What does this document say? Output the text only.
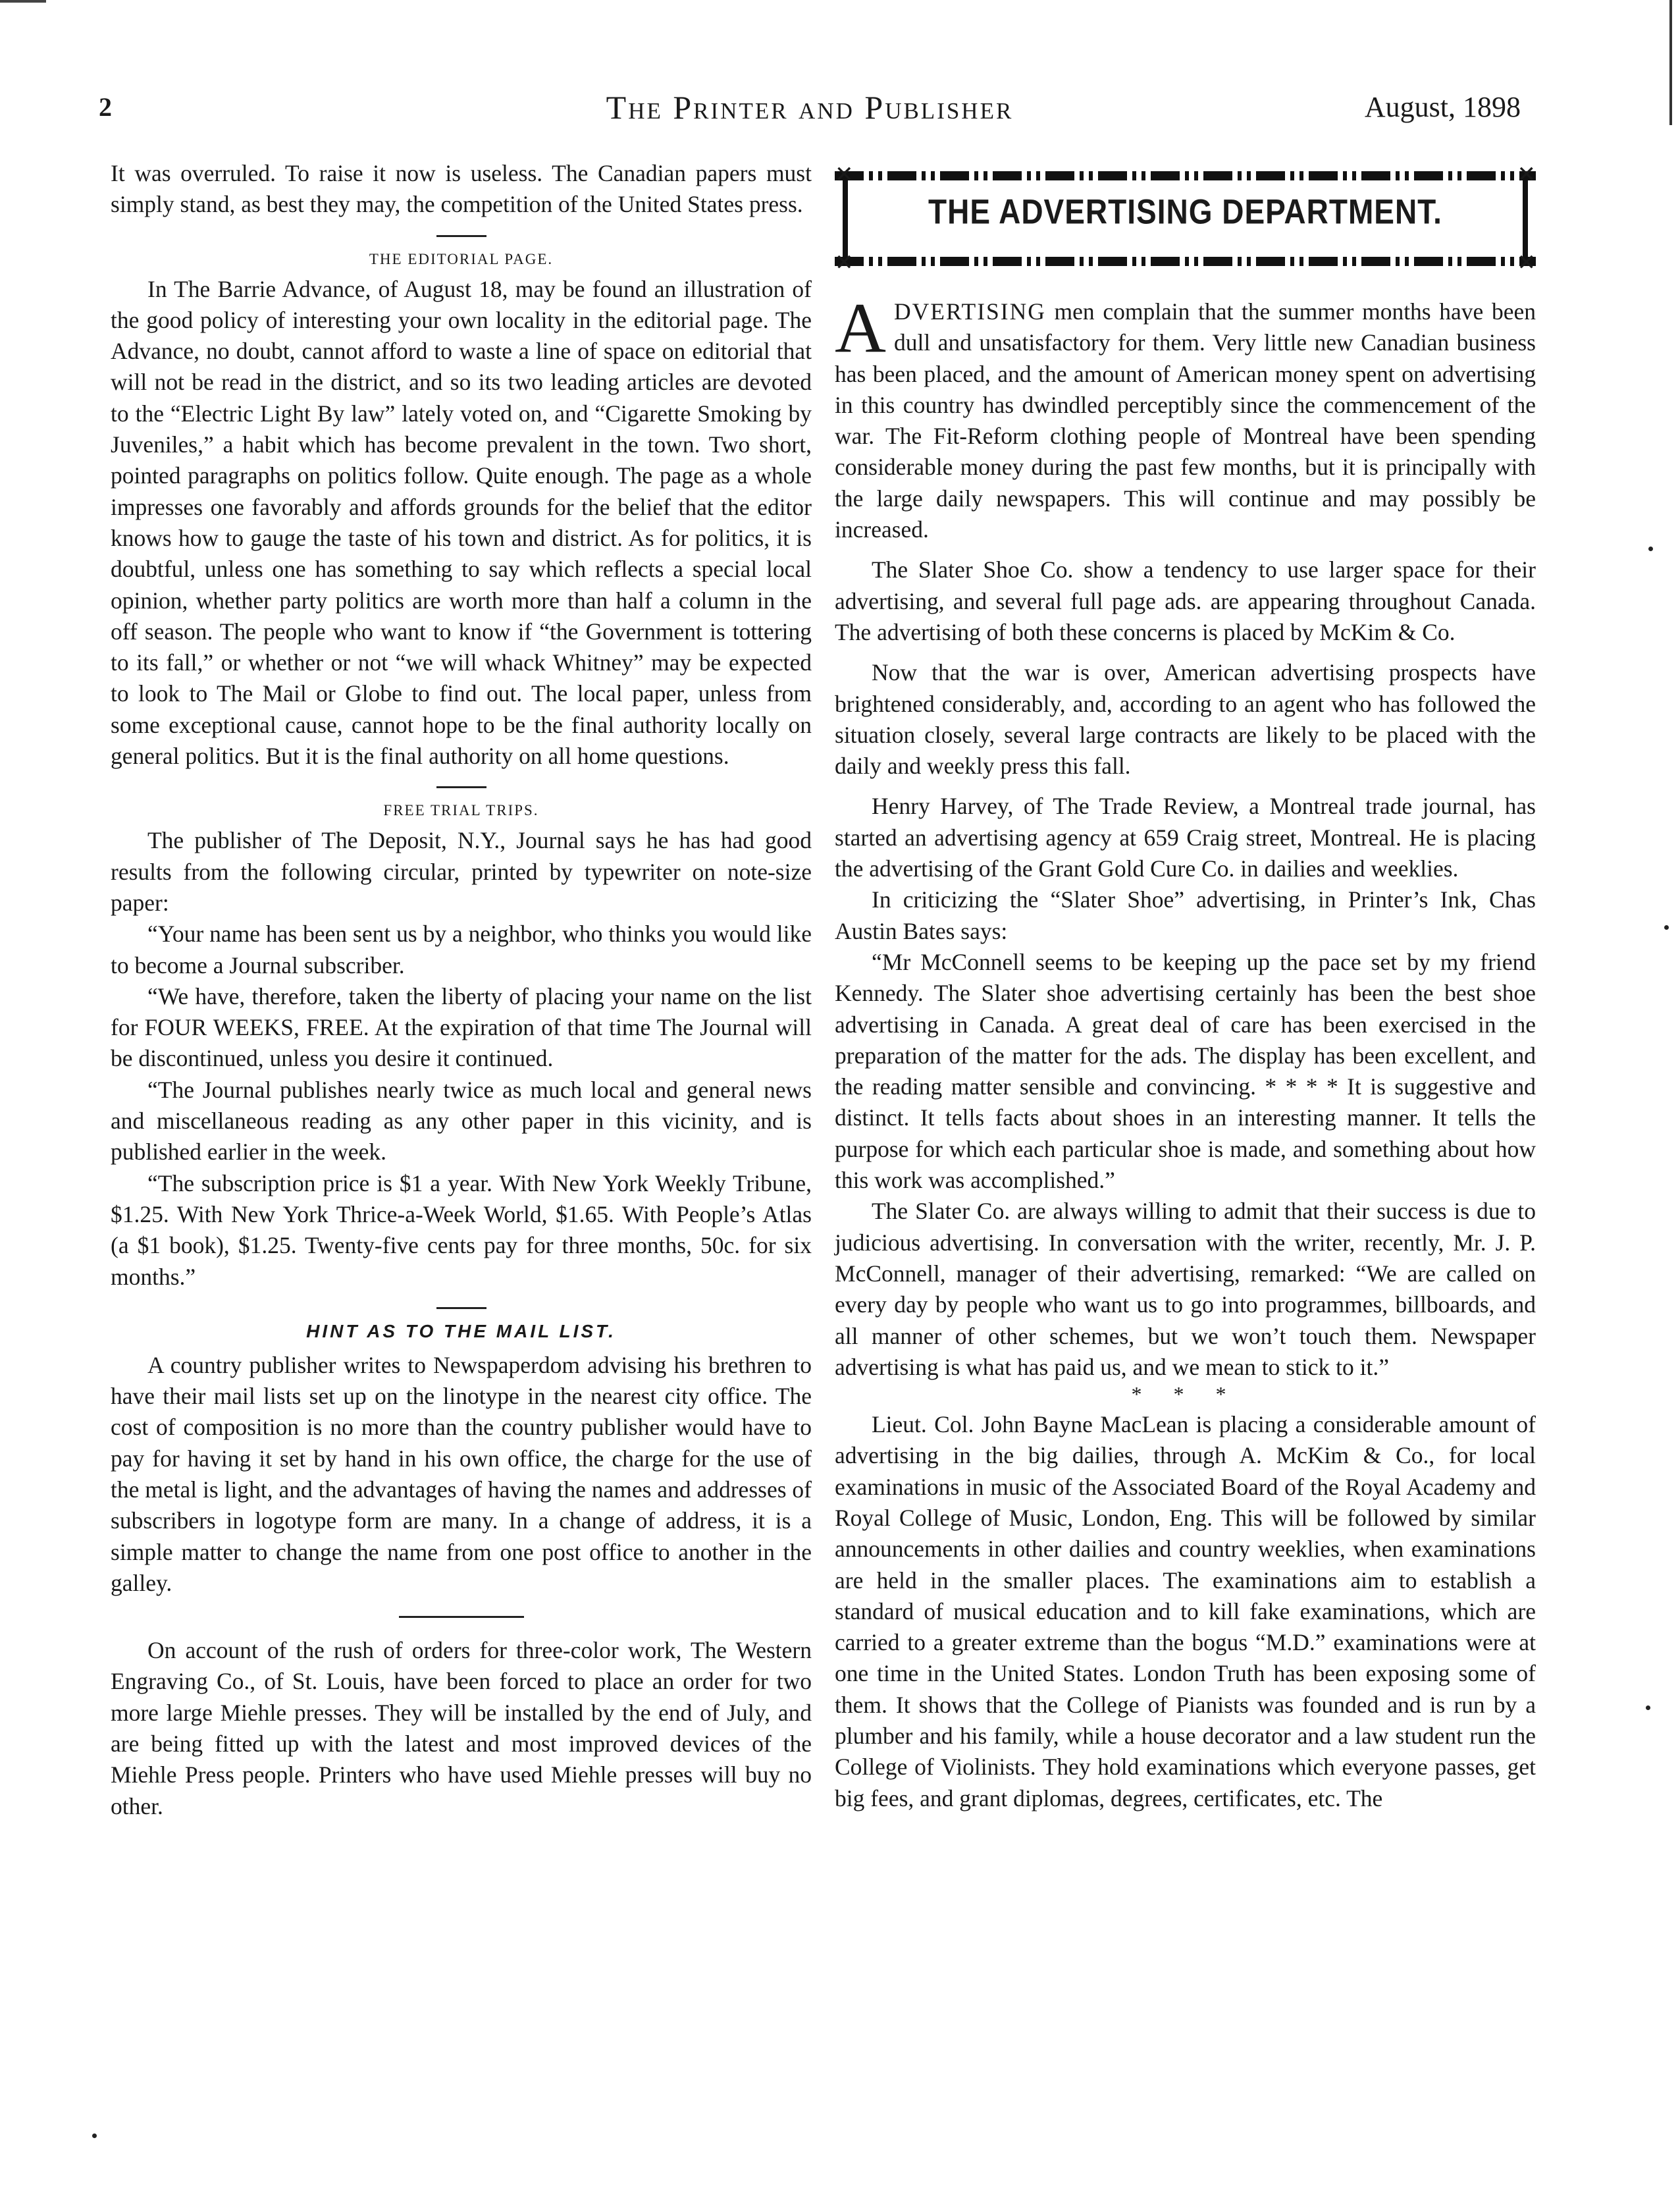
2	The Printer and Publisher	August, 1898

It was overruled. To raise it now is useless. The Canadian papers must simply stand, as best they may, the competition of the United States press.

THE EDITORIAL PAGE.

In The Barrie Advance, of August 18, may be found an illustration of the good policy of interesting your own locality in the editorial page. The Advance, no doubt, cannot afford to waste a line of space on editorial that will not be read in the district, and so its two leading articles are devoted to the “Electric Light By law” lately voted on, and “Cigarette Smoking by Juveniles,” a habit which has become prevalent in the town. Two short, pointed paragraphs on politics follow. Quite enough. The page as a whole impresses one favorably and affords grounds for the belief that the editor knows how to gauge the taste of his town and district. As for politics, it is doubtful, unless one has something to say which reflects a special local opinion, whether party politics are worth more than half a column in the off season. The people who want to know if “the Government is tottering to its fall,” or whether or not “we will whack Whitney” may be expected to look to The Mail or Globe to find out. The local paper, unless from some exceptional cause, cannot hope to be the final authority locally on general politics. But it is the final authority on all home questions.

FREE TRIAL TRIPS.

The publisher of The Deposit, N.Y., Journal says he has had good results from the following circular, printed by typewriter on note-size paper:

“Your name has been sent us by a neighbor, who thinks you would like to become a Journal subscriber.

“We have, therefore, taken the liberty of placing your name on the list for FOUR WEEKS, FREE. At the expiration of that time The Journal will be discontinued, unless you desire it continued.

“The Journal publishes nearly twice as much local and general news and miscellaneous reading as any other paper in this vicinity, and is published earlier in the week.

“The subscription price is $1 a year. With New York Weekly Tribune, $1.25. With New York Thrice-a-Week World, $1.65. With People’s Atlas (a $1 book), $1.25. Twenty-five cents pay for three months, 50c. for six months.”

HINT AS TO THE MAIL LIST.

A country publisher writes to Newspaperdom advising his brethren to have their mail lists set up on the linotype in the nearest city office. The cost of composition is no more than the country publisher would have to pay for having it set by hand in his own office, the charge for the use of the metal is light, and the advantages of having the names and addresses of subscribers in logotype form are many. In a change of address, it is a simple matter to change the name from one post office to another in the galley.

On account of the rush of orders for three-color work, The Western Engraving Co., of St. Louis, have been forced to place an order for two more large Miehle presses. They will be installed by the end of July, and are being fitted up with the latest and most improved devices of the Miehle Press people. Printers who have used Miehle presses will buy no other.

✕	✕
✕	✕
THE ADVERTISING DEPARTMENT.

ADVERTISING men complain that the summer months have been dull and unsatisfactory for them. Very little new Canadian business has been placed, and the amount of American money spent on advertising in this country has dwindled perceptibly since the commencement of the war. The Fit-Reform clothing people of Montreal have been spending considerable money during the past few months, but it is principally with the large daily newspapers. This will continue and may possibly be increased.

The Slater Shoe Co. show a tendency to use larger space for their advertising, and several full page ads. are appearing throughout Canada. The advertising of both these concerns is placed by McKim & Co.

Now that the war is over, American advertising prospects have brightened considerably, and, according to an agent who has followed the situation closely, several large contracts are likely to be placed with the daily and weekly press this fall.

Henry Harvey, of The Trade Review, a Montreal trade journal, has started an advertising agency at 659 Craig street, Montreal. He is placing the advertising of the Grant Gold Cure Co. in dailies and weeklies.

In criticizing the “Slater Shoe” advertising, in Printer’s Ink, Chas Austin Bates says:

“Mr McConnell seems to be keeping up the pace set by my friend Kennedy. The Slater shoe advertising certainly has been the best shoe advertising in Canada. A great deal of care has been exercised in the preparation of the matter for the ads. The display has been excellent, and the reading matter sensible and convincing. * * * * It is suggestive and distinct. It tells facts about shoes in an interesting manner. It tells the purpose for which each particular shoe is made, and something about how this work was accomplished.”

The Slater Co. are always willing to admit that their success is due to judicious advertising. In conversation with the writer, recently, Mr. J. P. McConnell, manager of their advertising, remarked: “We are called on every day by people who want us to go into programmes, billboards, and all manner of other schemes, but we won’t touch them. Newspaper advertising is what has paid us, and we mean to stick to it.”

* * *

Lieut. Col. John Bayne MacLean is placing a considerable amount of advertising in the big dailies, through A. McKim & Co., for local examinations in music of the Associated Board of the Royal Academy and Royal College of Music, London, Eng. This will be followed by similar announcements in other dailies and country weeklies, when examinations are held in the smaller places. The examinations aim to establish a standard of musical education and to kill fake examinations, which are carried to a greater extreme than the bogus “M.D.” examinations were at one time in the United States. London Truth has been exposing some of them. It shows that the College of Pianists was founded and is run by a plumber and his family, while a house decorator and a law student run the College of Violinists. They hold examinations which everyone passes, get big fees, and grant diplomas, degrees, certificates, etc. The
